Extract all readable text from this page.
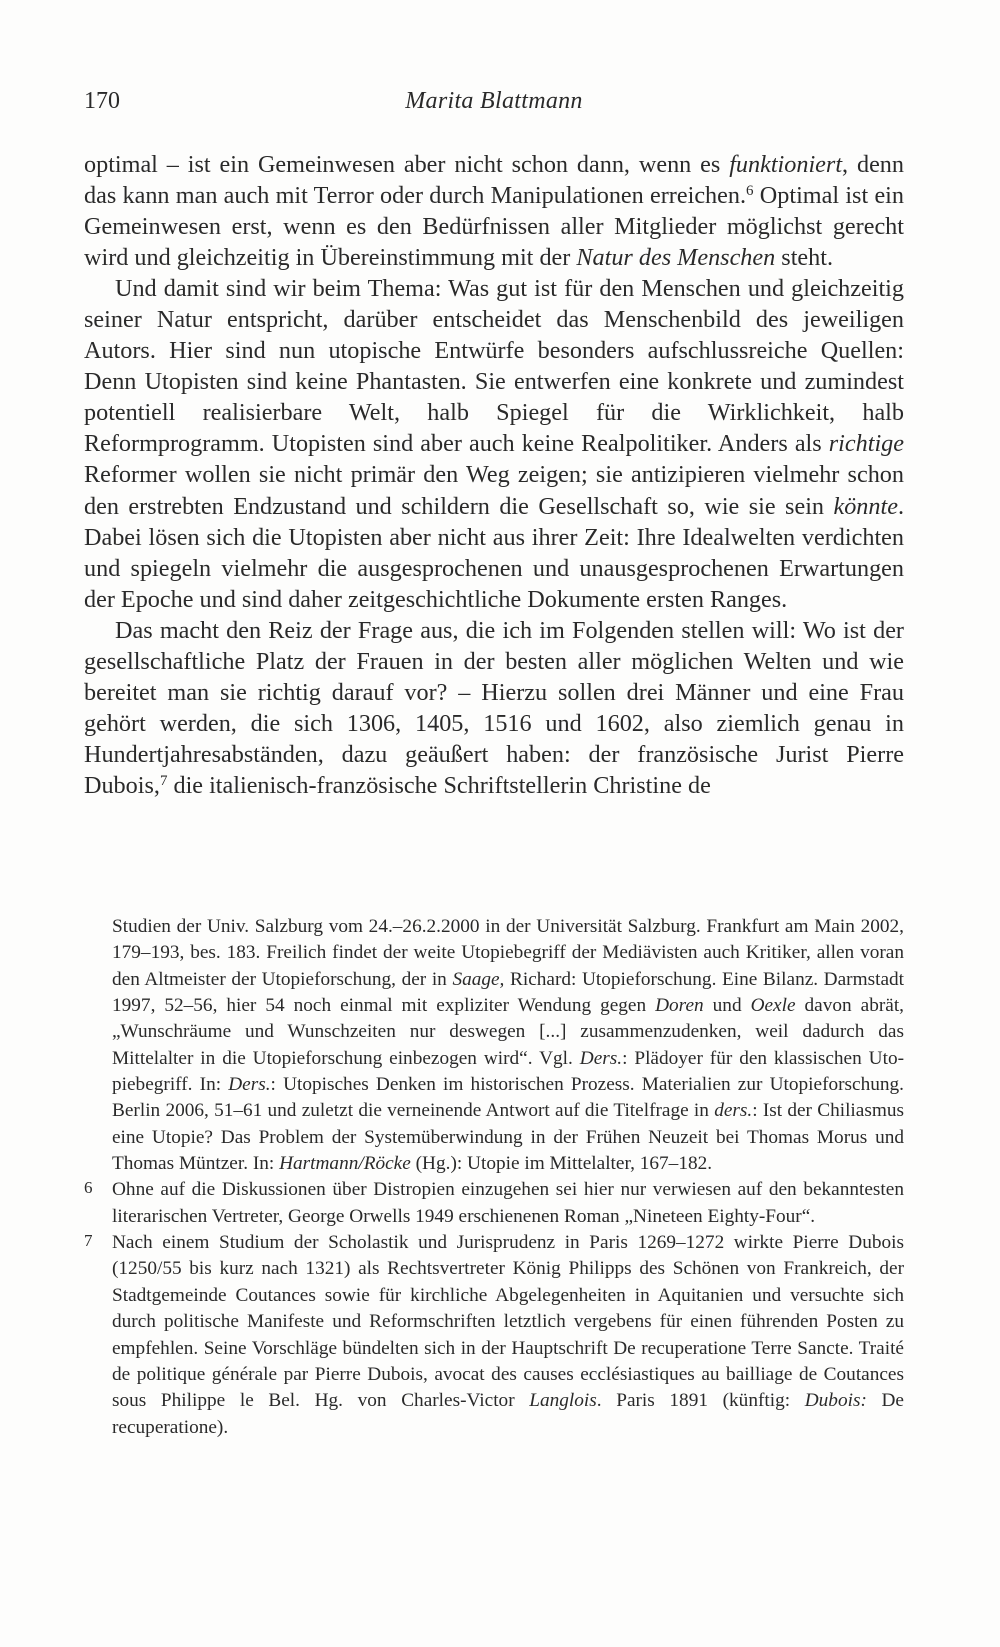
170	Marita Blattmann

optimal – ist ein Gemeinwesen aber nicht schon dann, wenn es funktioniert, denn das kann man auch mit Terror oder durch Manipulationen erreichen.$^6$ Optimal ist ein Gemeinwesen erst, wenn es den Bedürfnissen aller Mitglieder möglichst gerecht wird und gleichzeitig in Übereinstimmung mit der Natur des Menschen steht.

Und damit sind wir beim Thema: Was gut ist für den Menschen und gleichzeitig seiner Natur entspricht, darüber entscheidet das Menschenbild des jeweiligen Autors. Hier sind nun utopische Entwürfe besonders aufschlussreiche Quellen: Denn Utopisten sind keine Phantasten. Sie entwerfen eine konkrete und zumindest potentiell realisierbare Welt, halb Spiegel für die Wirklichkeit, halb Reformprogramm. Utopisten sind aber auch keine Realpolitiker. Anders als richtige Reformer wollen sie nicht primär den Weg zeigen; sie antizipieren vielmehr schon den erstrebten Endzustand und schildern die Gesellschaft so, wie sie sein könnte. Dabei lösen sich die Utopisten aber nicht aus ihrer Zeit: Ihre Idealwelten verdichten und spiegeln vielmehr die ausgesprochenen und unausgesprochenen Erwartungen der Epoche und sind daher zeitgeschichtliche Dokumente ersten Ranges.

Das macht den Reiz der Frage aus, die ich im Folgenden stellen will: Wo ist der gesellschaftliche Platz der Frauen in der besten aller möglichen Welten und wie bereitet man sie richtig darauf vor? – Hierzu sollen drei Männer und eine Frau gehört werden, die sich 1306, 1405, 1516 und 1602, also ziemlich genau in Hundertjahresabständen, dazu geäußert haben: der französische Jurist Pierre Dubois,$^7$ die italienisch-französische Schriftstellerin Christine de

Studien der Univ. Salzburg vom 24.–26.2.2000 in der Universität Salzburg. Frankfurt am Main 2002, 179–193, bes. 183. Freilich findet der weite Utopiebegriff der Mediävisten auch Kritiker, allen voran den Altmeister der Utopieforschung, der in Saage, Richard: Utopieforschung. Eine Bilanz. Darmstadt 1997, 52–56, hier 54 noch einmal mit expliziter Wendung gegen Doren und Oexle davon abrät, „Wunschräume und Wunschzeiten nur deswegen [...] zusammenzudenken, weil dadurch das Mittelalter in die Utopieforschung einbezogen wird“. Vgl. Ders.: Plädoyer für den klassischen Utopiebegriff. In: Ders.: Utopisches Denken im historischen Prozess. Materialien zur Utopieforschung. Berlin 2006, 51–61 und zuletzt die verneinende Antwort auf die Titelfrage in ders.: Ist der Chiliasmus eine Utopie? Das Problem der Systemüberwindung in der Frühen Neuzeit bei Thomas Morus und Thomas Müntzer. In: Hartmann/Röcke (Hg.): Utopie im Mittelalter, 167–182.

6 Ohne auf die Diskussionen über Distropien einzugehen sei hier nur verwiesen auf den bekanntesten literarischen Vertreter, George Orwells 1949 erschienenen Roman „Nineteen Eighty-Four“.

7 Nach einem Studium der Scholastik und Jurisprudenz in Paris 1269–1272 wirkte Pierre Dubois (1250/55 bis kurz nach 1321) als Rechtsvertreter König Philipps des Schönen von Frankreich, der Stadtgemeinde Coutances sowie für kirchliche Abgelegenheiten in Aquitanien und versuchte sich durch politische Manifeste und Reformschriften letztlich vergebens für einen führenden Posten zu empfehlen. Seine Vorschläge bündelten sich in der Hauptschrift De recuperatione Terre Sancte. Traité de politique générale par Pierre Dubois, avocat des causes ecclésiastiques au bailliage de Coutances sous Philippe le Bel. Hg. von Charles-Victor Langlois. Paris 1891 (künftig: Dubois: De recuperatione).
